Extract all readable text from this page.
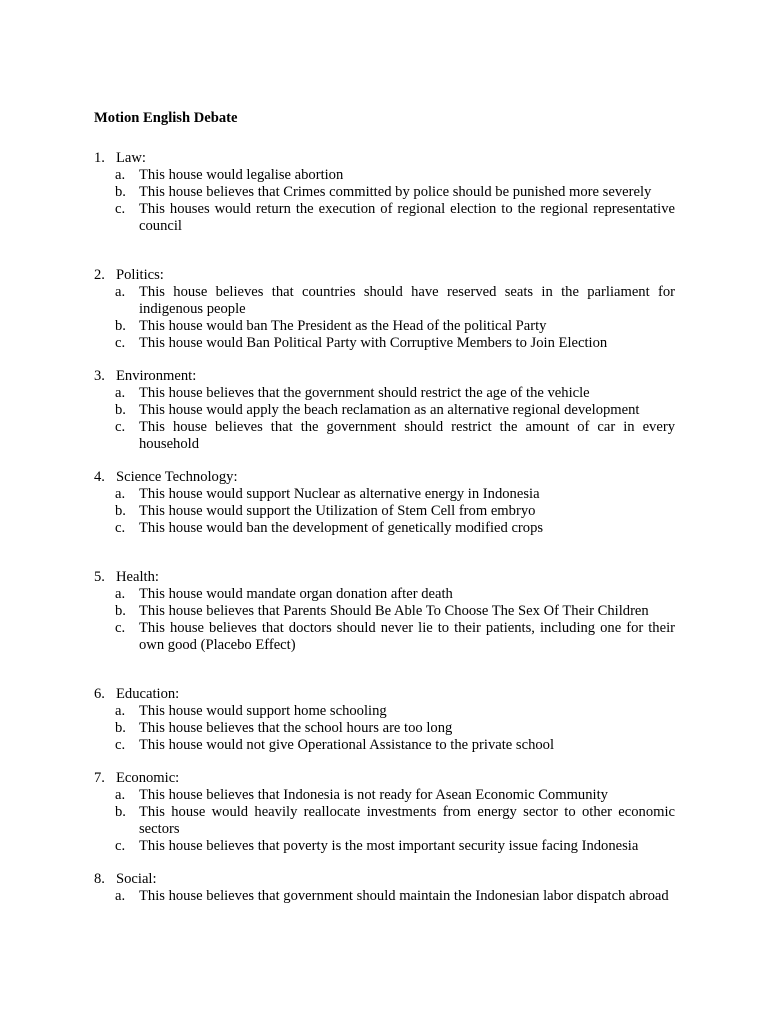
Motion English Debate
1. Law:
a. This house would legalise abortion
b. This house believes that Crimes committed by police should be punished more severely
c. This houses would return the execution of regional election to the regional representative council
2. Politics:
a. This house believes that countries should have reserved seats in the parliament for indigenous people
b. This house would ban The President as the Head of the political Party
c. This house would Ban Political Party with Corruptive Members to Join Election
3. Environment:
a. This house believes that the government should restrict the age of the vehicle
b. This house would apply the beach reclamation as an alternative regional development
c. This house believes that the government should restrict the amount of car in every household
4. Science Technology:
a. This house would support Nuclear as alternative energy in Indonesia
b. This house would support the Utilization of Stem Cell from embryo
c. This house would ban the development of genetically modified crops
5. Health:
a. This house would mandate organ donation after death
b. This house believes that Parents Should Be Able To Choose The Sex Of Their Children
c. This house believes that doctors should never lie to their patients, including one for their own good (Placebo Effect)
6. Education:
a. This house would support home schooling
b. This house believes that the school hours are too long
c. This house would not give Operational Assistance to the private school
7. Economic:
a. This house believes that Indonesia is not ready for Asean Economic Community
b. This house would heavily reallocate investments from energy sector to other economic sectors
c. This house believes that poverty is the most important security issue facing Indonesia
8. Social:
a. This house believes that government should maintain the Indonesian labor dispatch abroad
